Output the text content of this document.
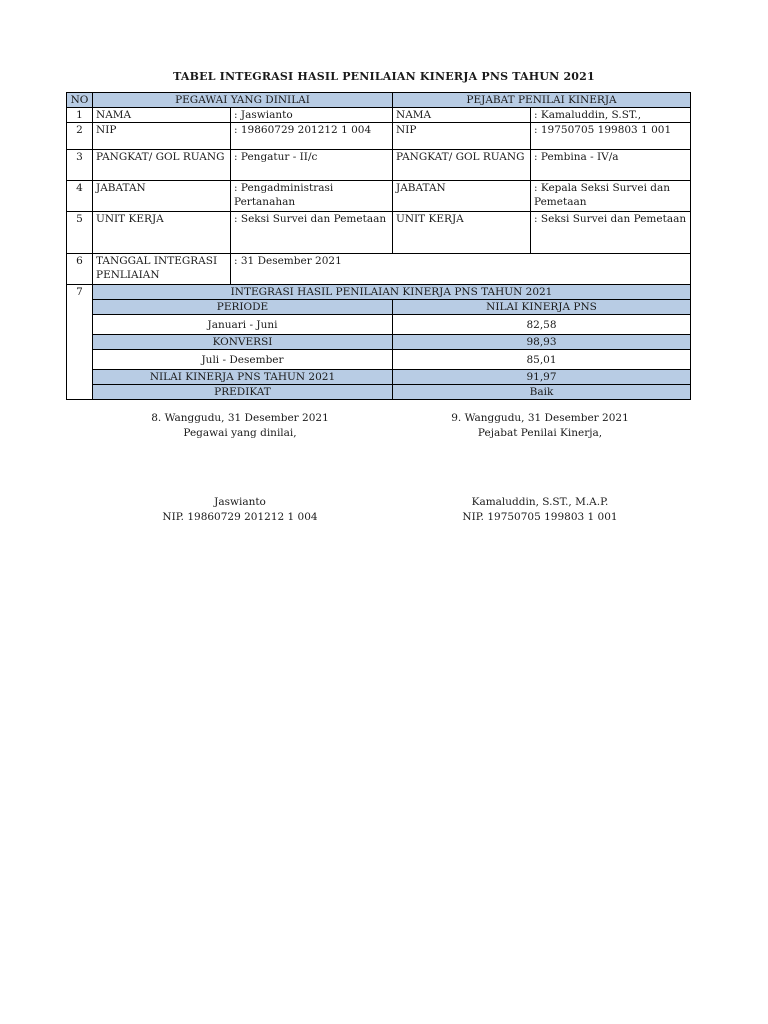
TABEL INTEGRASI HASIL PENILAIAN KINERJA PNS TAHUN 2021
NO	PEGAWAI YANG DINILAI		PEJABAT PENILAI KINERJA	
1	NAMA	: Jaswianto	NAMA	: Kamaluddin, S.ST.,
2	NIP	: 19860729 201212 1 004	NIP	: 19750705 199803 1 001
3	PANGKAT/ GOL RUANG	: Pengatur - II/c	PANGKAT/ GOL RUANG	: Pembina - IV/a
4	JABATAN	: Pengadministrasi Pertanahan	JABATAN	: Kepala Seksi Survei dan Pemetaan
5	UNIT KERJA	: Seksi Survei dan Pemetaan	UNIT KERJA	: Seksi Survei dan Pemetaan
6	TANGGAL INTEGRASI PENLIAIAN	: 31 Desember 2021		
7	INTEGRASI HASIL PENILAIAN KINERJA PNS TAHUN 2021			
	PERIODE		NILAI KINERJA PNS	
	Januari - Juni		82,58	
	KONVERSI		98,93	
	Juli - Desember		85,01	
	NILAI KINERJA PNS TAHUN 2021		91,97	
	PREDIKAT		Baik	
8. Wanggudu, 31 Desember 2021
Pegawai yang dinilai,
Jaswianto
NIP. 19860729 201212 1 004
9. Wanggudu, 31 Desember 2021
Pejabat Penilai Kinerja,
Kamaluddin, S.ST., M.A.P.
NIP. 19750705 199803 1 001
